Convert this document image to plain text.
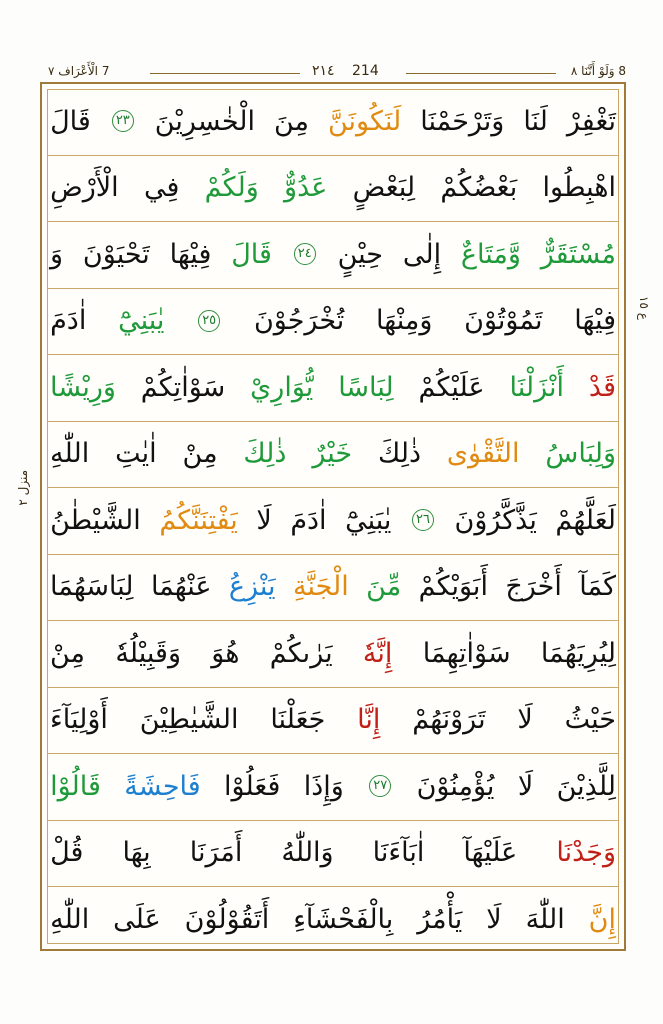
7 الْأَعْرَاف ٧	٢١٤ 214	8 وَلَوْ أَنَّنَا ٨
تَغْفِرْ
لَنَا
وَتَرْحَمْنَا
لَنَكُونَنَّ
مِنَ
الْخٰسِرِيْنَ
٢٣
قَالَ
اهْبِطُوا
بَعْضُكُمْ
لِبَعْضٍ
عَدُوٌّ
وَلَكُمْ
فِي
الْأَرْضِ
مُسْتَقَرٌّ
وَّمَتَاعٌ
إِلٰى
حِيْنٍ
٢٤
قَالَ
فِيْهَا
تَحْيَوْنَ
وَ
فِيْهَا
تَمُوْتُوْنَ
وَمِنْهَا
تُخْرَجُوْنَ
٢٥
يٰبَنِيْٓ
اٰدَمَ
قَدْ
أَنْزَلْنَا
عَلَيْكُمْ
لِبَاسًا
يُّوَارِيْ
سَوْاٰتِكُمْ
وَرِيْشًا
وَلِبَاسُ
التَّقْوٰى
ذٰلِكَ
خَيْرٌ
ذٰلِكَ
مِنْ
اٰيٰتِ
اللّٰهِ
لَعَلَّهُمْ
يَذَّكَّرُوْنَ
٢٦
يٰبَنِيْٓ
اٰدَمَ
لَا
يَفْتِنَنَّكُمُ
الشَّيْطٰنُ
كَمَآ
أَخْرَجَ
أَبَوَيْكُمْ
مِّنَ
الْجَنَّةِ
يَنْزِعُ
عَنْهُمَا
لِبَاسَهُمَا
لِيُرِيَهُمَا
سَوْاٰتِهِمَا
إِنَّهٗ
يَرٰىكُمْ
هُوَ
وَقَبِيْلُهٗ
مِنْ
حَيْثُ
لَا
تَرَوْنَهُمْ
إِنَّا
جَعَلْنَا
الشَّيٰطِيْنَ
أَوْلِيَآءَ
لِلَّذِيْنَ
لَا
يُؤْمِنُوْنَ
٢٧
وَإِذَا
فَعَلُوْا
فَاحِشَةً
قَالُوْا
وَجَدْنَا
عَلَيْهَآ
اٰبَآءَنَا
وَاللّٰهُ
أَمَرَنَا
بِهَا
قُلْ
إِنَّ
اللّٰهَ
لَا
يَأْمُرُ
بِالْفَحْشَآءِ
أَتَقُوْلُوْنَ
عَلَى
اللّٰهِ
ع ١٥
منزل ٢
